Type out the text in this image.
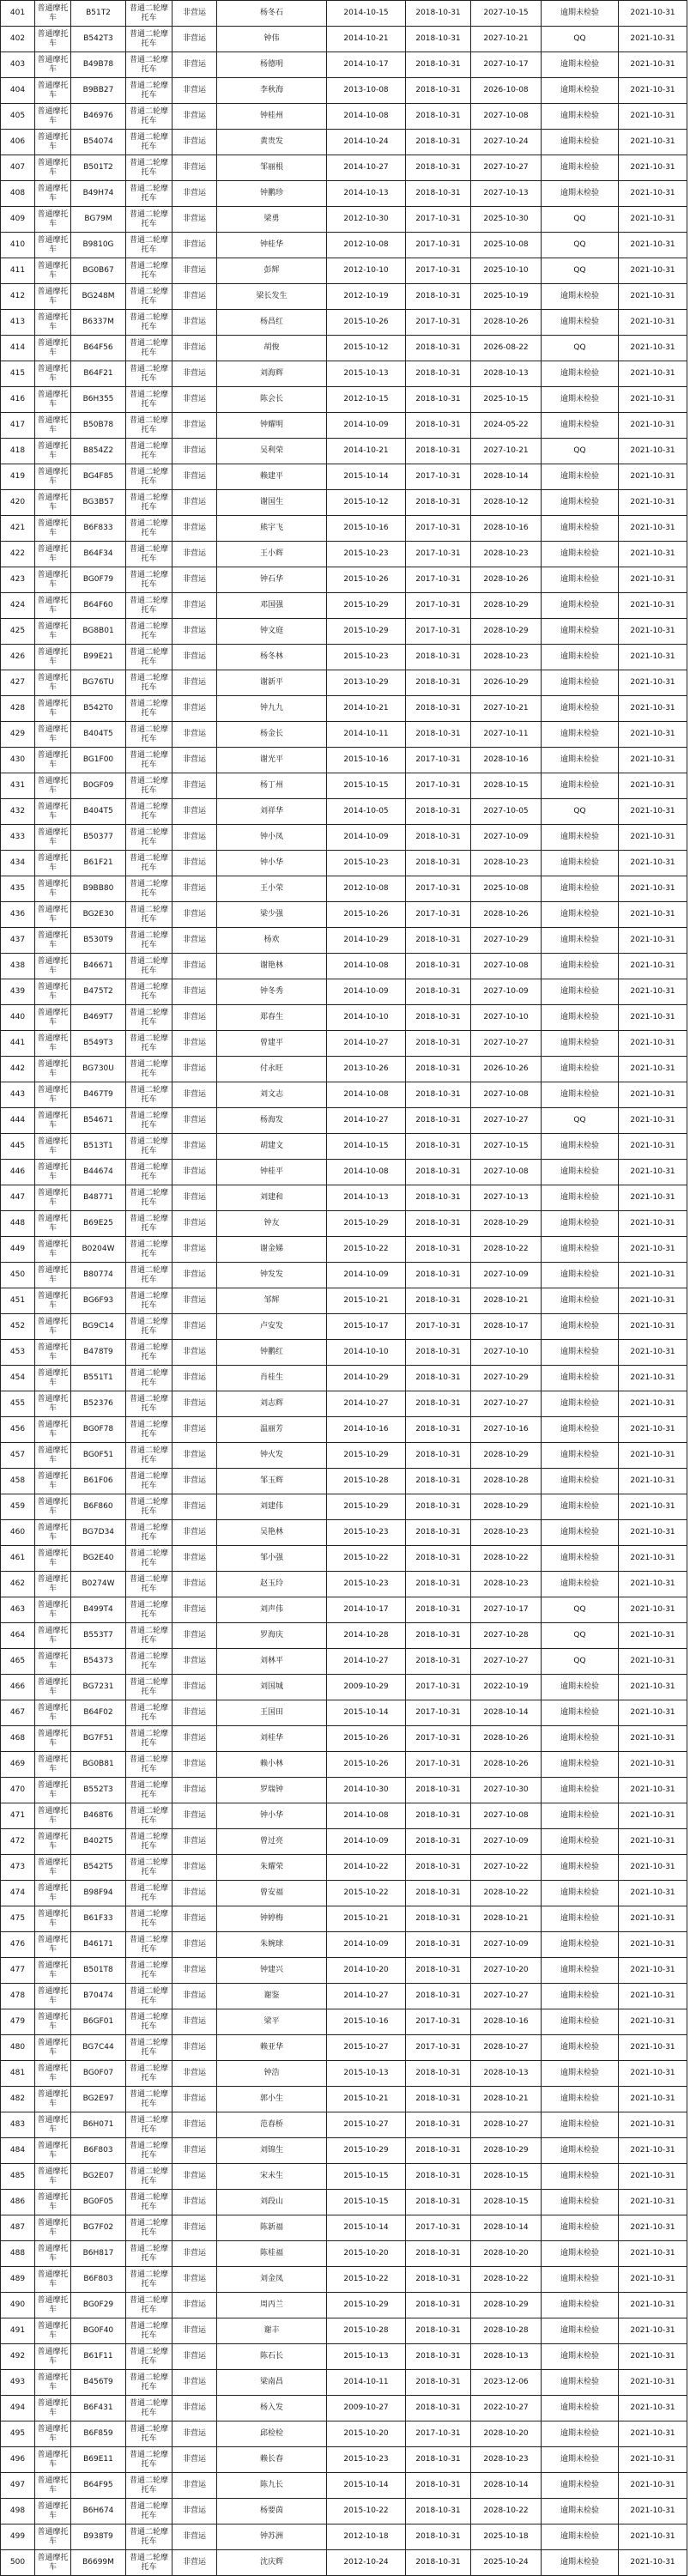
401	普通摩托车	B51T2	普通二轮摩托车	非营运	杨冬石	2014-10-15	2018-10-31	2027-10-15	逾期未检验	2021-10-31
402	普通摩托车	B542T3	普通二轮摩托车	非营运	钟伟	2014-10-21	2018-10-31	2027-10-21	QQ	2021-10-31
403	普通摩托车	B49B78	普通二轮摩托车	非营运	杨德明	2014-10-17	2018-10-31	2027-10-17	逾期未检验	2021-10-31
404	普通摩托车	B9BB27	普通二轮摩托车	非营运	李秋海	2013-10-08	2018-10-31	2026-10-08	逾期未检验	2021-10-31
405	普通摩托车	B46976	普通二轮摩托车	非营运	钟桂州	2014-10-08	2018-10-31	2027-10-08	逾期未检验	2021-10-31
406	普通摩托车	B54074	普通二轮摩托车	非营运	黄贵发	2014-10-24	2018-10-31	2027-10-24	逾期未检验	2021-10-31
407	普通摩托车	B501T2	普通二轮摩托车	非营运	邹丽根	2014-10-27	2018-10-31	2027-10-27	逾期未检验	2021-10-31
408	普通摩托车	B49H74	普通二轮摩托车	非营运	钟鹏珍	2014-10-13	2018-10-31	2027-10-13	逾期未检验	2021-10-31
409	普通摩托车	BG79M	普通二轮摩托车	非营运	梁勇	2012-10-30	2017-10-31	2025-10-30	QQ	2021-10-31
410	普通摩托车	B9810G	普通二轮摩托车	非营运	钟桂华	2012-10-08	2017-10-31	2025-10-08	QQ	2021-10-31
411	普通摩托车	BG0B67	普通二轮摩托车	非营运	彭辉	2012-10-10	2017-10-31	2025-10-10	QQ	2021-10-31
412	普通摩托车	BG248M	普通二轮摩托车	非营运	梁长发生	2012-10-19	2018-10-31	2025-10-19	逾期未检验	2021-10-31
413	普通摩托车	B6337M	普通二轮摩托车	非营运	杨昌红	2015-10-26	2017-10-31	2028-10-26	逾期未检验	2021-10-31
414	普通摩托车	B64F56	普通二轮摩托车	非营运	胡俊	2015-10-12	2018-10-31	2026-08-22	QQ	2021-10-31
415	普通摩托车	B64F21	普通二轮摩托车	非营运	刘海辉	2015-10-13	2018-10-31	2028-10-13	逾期未检验	2021-10-31
416	普通摩托车	B6H355	普通二轮摩托车	非营运	陈会长	2012-10-15	2018-10-31	2025-10-15	逾期未检验	2021-10-31
417	普通摩托车	B50B78	普通二轮摩托车	非营运	钟耀明	2014-10-09	2018-10-31	2024-05-22	逾期未检验	2021-10-31
418	普通摩托车	B854Z2	普通二轮摩托车	非营运	吴利荣	2014-10-21	2018-10-31	2027-10-21	QQ	2021-10-31
419	普通摩托车	BG4F85	普通二轮摩托车	非营运	赖建平	2015-10-14	2017-10-31	2028-10-14	逾期未检验	2021-10-31
420	普通摩托车	BG3B57	普通二轮摩托车	非营运	谢国生	2015-10-12	2018-10-31	2028-10-12	逾期未检验	2021-10-31
421	普通摩托车	B6F833	普通二轮摩托车	非营运	熊宇飞	2015-10-16	2017-10-31	2028-10-16	逾期未检验	2021-10-31
422	普通摩托车	B64F34	普通二轮摩托车	非营运	王小辉	2015-10-23	2017-10-31	2028-10-23	逾期未检验	2021-10-31
423	普通摩托车	BG0F79	普通二轮摩托车	非营运	钟石华	2015-10-26	2017-10-31	2028-10-26	逾期未检验	2021-10-31
424	普通摩托车	B64F60	普通二轮摩托车	非营运	邓国强	2015-10-29	2017-10-31	2028-10-29	逾期未检验	2021-10-31
425	普通摩托车	BG8B01	普通二轮摩托车	非营运	钟文庭	2015-10-29	2017-10-31	2028-10-29	逾期未检验	2021-10-31
426	普通摩托车	B99E21	普通二轮摩托车	非营运	杨冬林	2015-10-23	2018-10-31	2028-10-23	逾期未检验	2021-10-31
427	普通摩托车	BG76TU	普通二轮摩托车	非营运	谢新平	2013-10-29	2018-10-31	2026-10-29	逾期未检验	2021-10-31
428	普通摩托车	B542T0	普通二轮摩托车	非营运	钟九九	2014-10-21	2018-10-31	2027-10-21	逾期未检验	2021-10-31
429	普通摩托车	B404T5	普通二轮摩托车	非营运	杨金长	2014-10-11	2018-10-31	2027-10-11	逾期未检验	2021-10-31
430	普通摩托车	BG1F00	普通二轮摩托车	非营运	谢光平	2015-10-16	2017-10-31	2028-10-16	逾期未检验	2021-10-31
431	普通摩托车	B0GF09	普通二轮摩托车	非营运	杨丁州	2015-10-15	2017-10-31	2028-10-15	逾期未检验	2021-10-31
432	普通摩托车	B404T5	普通二轮摩托车	非营运	刘祥华	2014-10-05	2018-10-31	2027-10-05	QQ	2021-10-31
433	普通摩托车	B50377	普通二轮摩托车	非营运	钟小凤	2014-10-09	2018-10-31	2027-10-09	逾期未检验	2021-10-31
434	普通摩托车	B61F21	普通二轮摩托车	非营运	钟小华	2015-10-23	2018-10-31	2028-10-23	逾期未检验	2021-10-31
435	普通摩托车	B9BB80	普通二轮摩托车	非营运	王小荣	2012-10-08	2017-10-31	2025-10-08	逾期未检验	2021-10-31
436	普通摩托车	BG2E30	普通二轮摩托车	非营运	梁少强	2015-10-26	2017-10-31	2028-10-26	逾期未检验	2021-10-31
437	普通摩托车	B530T9	普通二轮摩托车	非营运	杨欢	2014-10-29	2018-10-31	2027-10-29	逾期未检验	2021-10-31
438	普通摩托车	B46671	普通二轮摩托车	非营运	谢艳林	2014-10-08	2018-10-31	2027-10-08	逾期未检验	2021-10-31
439	普通摩托车	B475T2	普通二轮摩托车	非营运	钟冬秀	2014-10-09	2018-10-31	2027-10-09	逾期未检验	2021-10-31
440	普通摩托车	B469T7	普通二轮摩托车	非营运	郑春生	2014-10-10	2018-10-31	2027-10-10	逾期未检验	2021-10-31
441	普通摩托车	B549T3	普通二轮摩托车	非营运	曾建平	2014-10-27	2018-10-31	2027-10-27	逾期未检验	2021-10-31
442	普通摩托车	BG730U	普通二轮摩托车	非营运	付永旺	2013-10-26	2018-10-31	2026-10-26	逾期未检验	2021-10-31
443	普通摩托车	B467T9	普通二轮摩托车	非营运	刘文志	2014-10-08	2018-10-31	2027-10-08	逾期未检验	2021-10-31
444	普通摩托车	B54671	普通二轮摩托车	非营运	杨海发	2014-10-27	2018-10-31	2027-10-27	QQ	2021-10-31
445	普通摩托车	B513T1	普通二轮摩托车	非营运	胡建文	2014-10-15	2018-10-31	2027-10-15	逾期未检验	2021-10-31
446	普通摩托车	B44674	普通二轮摩托车	非营运	钟桂平	2014-10-08	2018-10-31	2027-10-08	逾期未检验	2021-10-31
447	普通摩托车	B48771	普通二轮摩托车	非营运	刘建和	2014-10-13	2018-10-31	2027-10-13	逾期未检验	2021-10-31
448	普通摩托车	B69E25	普通二轮摩托车	非营运	钟友	2015-10-29	2018-10-31	2028-10-29	逾期未检验	2021-10-31
449	普通摩托车	B0204W	普通二轮摩托车	非营运	谢金娣	2015-10-22	2018-10-31	2028-10-22	逾期未检验	2021-10-31
450	普通摩托车	B80774	普通二轮摩托车	非营运	钟发发	2014-10-09	2018-10-31	2027-10-09	逾期未检验	2021-10-31
451	普通摩托车	BG6F93	普通二轮摩托车	非营运	邹辉	2015-10-21	2018-10-31	2028-10-21	逾期未检验	2021-10-31
452	普通摩托车	BG9C14	普通二轮摩托车	非营运	卢安发	2015-10-17	2017-10-31	2028-10-17	逾期未检验	2021-10-31
453	普通摩托车	B478T9	普通二轮摩托车	非营运	钟鹏红	2014-10-10	2018-10-31	2027-10-10	逾期未检验	2021-10-31
454	普通摩托车	B551T1	普通二轮摩托车	非营运	肖桂生	2014-10-29	2018-10-31	2027-10-29	逾期未检验	2021-10-31
455	普通摩托车	B52376	普通二轮摩托车	非营运	刘志辉	2014-10-27	2018-10-31	2027-10-27	逾期未检验	2021-10-31
456	普通摩托车	BG0F78	普通二轮摩托车	非营运	温丽芳	2014-10-16	2018-10-31	2027-10-16	逾期未检验	2021-10-31
457	普通摩托车	BG0F51	普通二轮摩托车	非营运	钟火发	2015-10-29	2018-10-31	2028-10-29	逾期未检验	2021-10-31
458	普通摩托车	B61F06	普通二轮摩托车	非营运	邹玉辉	2015-10-28	2018-10-31	2028-10-28	逾期未检验	2021-10-31
459	普通摩托车	B6F860	普通二轮摩托车	非营运	刘建伟	2015-10-29	2018-10-31	2028-10-29	逾期未检验	2021-10-31
460	普通摩托车	BG7D34	普通二轮摩托车	非营运	吴艳林	2015-10-23	2018-10-31	2028-10-23	逾期未检验	2021-10-31
461	普通摩托车	BG2E40	普通二轮摩托车	非营运	邹小强	2015-10-22	2018-10-31	2028-10-22	逾期未检验	2021-10-31
462	普通摩托车	B0274W	普通二轮摩托车	非营运	赵玉玲	2015-10-23	2018-10-31	2028-10-23	逾期未检验	2021-10-31
463	普通摩托车	B499T4	普通二轮摩托车	非营运	刘声伟	2014-10-17	2018-10-31	2027-10-17	QQ	2021-10-31
464	普通摩托车	B553T7	普通二轮摩托车	非营运	罗海庆	2014-10-28	2018-10-31	2027-10-28	QQ	2021-10-31
465	普通摩托车	B54373	普通二轮摩托车	非营运	刘林平	2014-10-27	2018-10-31	2027-10-27	QQ	2021-10-31
466	普通摩托车	BG7231	普通二轮摩托车	非营运	刘国城	2009-10-29	2017-10-31	2022-10-19	逾期未检验	2021-10-31
467	普通摩托车	B64F02	普通二轮摩托车	非营运	王国田	2015-10-14	2017-10-31	2028-10-14	逾期未检验	2021-10-31
468	普通摩托车	BG7F51	普通二轮摩托车	非营运	刘桂华	2015-10-26	2017-10-31	2028-10-26	逾期未检验	2021-10-31
469	普通摩托车	BG0B81	普通二轮摩托车	非营运	赖小林	2015-10-26	2017-10-31	2028-10-26	逾期未检验	2021-10-31
470	普通摩托车	B552T3	普通二轮摩托车	非营运	罗瑞钟	2014-10-30	2018-10-31	2027-10-30	逾期未检验	2021-10-31
471	普通摩托车	B468T6	普通二轮摩托车	非营运	钟小华	2014-10-08	2018-10-31	2027-10-08	逾期未检验	2021-10-31
472	普通摩托车	B402T5	普通二轮摩托车	非营运	曾过亮	2014-10-09	2018-10-31	2027-10-09	逾期未检验	2021-10-31
473	普通摩托车	B542T5	普通二轮摩托车	非营运	朱耀荣	2014-10-22	2018-10-31	2027-10-22	逾期未检验	2021-10-31
474	普通摩托车	B98F94	普通二轮摩托车	非营运	曾安福	2015-10-22	2018-10-31	2028-10-22	逾期未检验	2021-10-31
475	普通摩托车	B61F33	普通二轮摩托车	非营运	钟婷梅	2015-10-21	2018-10-31	2028-10-21	逾期未检验	2021-10-31
476	普通摩托车	B46171	普通二轮摩托车	非营运	朱婉球	2014-10-09	2018-10-31	2027-10-09	逾期未检验	2021-10-31
477	普通摩托车	B501T8	普通二轮摩托车	非营运	钟建兴	2014-10-20	2018-10-31	2027-10-20	逾期未检验	2021-10-31
478	普通摩托车	B70474	普通二轮摩托车	非营运	谢鉴	2014-10-27	2018-10-31	2027-10-27	逾期未检验	2021-10-31
479	普通摩托车	B6GF01	普通二轮摩托车	非营运	梁平	2015-10-16	2017-10-31	2028-10-16	逾期未检验	2021-10-31
480	普通摩托车	BG7C44	普通二轮摩托车	非营运	赖亚华	2015-10-27	2017-10-31	2028-10-27	逾期未检验	2021-10-31
481	普通摩托车	BG0F07	普通二轮摩托车	非营运	钟浩	2015-10-13	2018-10-31	2028-10-13	逾期未检验	2021-10-31
482	普通摩托车	BG2E97	普通二轮摩托车	非营运	郭小生	2015-10-21	2018-10-31	2028-10-21	逾期未检验	2021-10-31
483	普通摩托车	B6H071	普通二轮摩托车	非营运	范春桥	2015-10-27	2018-10-31	2028-10-27	逾期未检验	2021-10-31
484	普通摩托车	B6F803	普通二轮摩托车	非营运	刘锦生	2015-10-29	2018-10-31	2028-10-29	逾期未检验	2021-10-31
485	普通摩托车	BG2E07	普通二轮摩托车	非营运	宋未生	2015-10-15	2018-10-31	2028-10-15	逾期未检验	2021-10-31
486	普通摩托车	BG0F05	普通二轮摩托车	非营运	刘段山	2015-10-15	2018-10-31	2028-10-15	逾期未检验	2021-10-31
487	普通摩托车	BG7F02	普通二轮摩托车	非营运	陈新福	2015-10-14	2017-10-31	2028-10-14	逾期未检验	2021-10-31
488	普通摩托车	B6H817	普通二轮摩托车	非营运	陈桂福	2015-10-20	2018-10-31	2028-10-20	逾期未检验	2021-10-31
489	普通摩托车	B6F803	普通二轮摩托车	非营运	刘金凤	2015-10-22	2018-10-31	2028-10-22	逾期未检验	2021-10-31
490	普通摩托车	BG0F29	普通二轮摩托车	非营运	周丙兰	2015-10-29	2018-10-31	2028-10-29	逾期未检验	2021-10-31
491	普通摩托车	BG0F40	普通二轮摩托车	非营运	谢丰	2015-10-28	2018-10-31	2028-10-28	逾期未检验	2021-10-31
492	普通摩托车	B61F11	普通二轮摩托车	非营运	陈石长	2015-10-13	2018-10-31	2028-10-13	逾期未检验	2021-10-31
493	普通摩托车	B456T9	普通二轮摩托车	非营运	梁南昌	2014-10-11	2018-10-31	2023-12-06	逾期未检验	2021-10-31
494	普通摩托车	B6F431	普通二轮摩托车	非营运	杨入发	2009-10-27	2018-10-31	2022-10-27	逾期未检验	2021-10-31
495	普通摩托车	B6F859	普通二轮摩托车	非营运	邱检检	2015-10-20	2017-10-31	2028-10-20	逾期未检验	2021-10-31
496	普通摩托车	B69E11	普通二轮摩托车	非营运	赖长春	2015-10-23	2018-10-31	2028-10-23	逾期未检验	2021-10-31
497	普通摩托车	B64F95	普通二轮摩托车	非营运	陈九长	2015-10-14	2018-10-31	2028-10-14	逾期未检验	2021-10-31
498	普通摩托车	B6H674	普通二轮摩托车	非营运	杨要茵	2015-10-22	2018-10-31	2028-10-22	逾期未检验	2021-10-31
499	普通摩托车	B938T9	普通二轮摩托车	非营运	钟苏洲	2012-10-18	2018-10-31	2025-10-18	逾期未检验	2021-10-31
500	普通摩托车	B6699M	普通二轮摩托车	非营运	沈庆辉	2012-10-24	2018-10-31	2025-10-24	逾期未检验	2021-10-31
